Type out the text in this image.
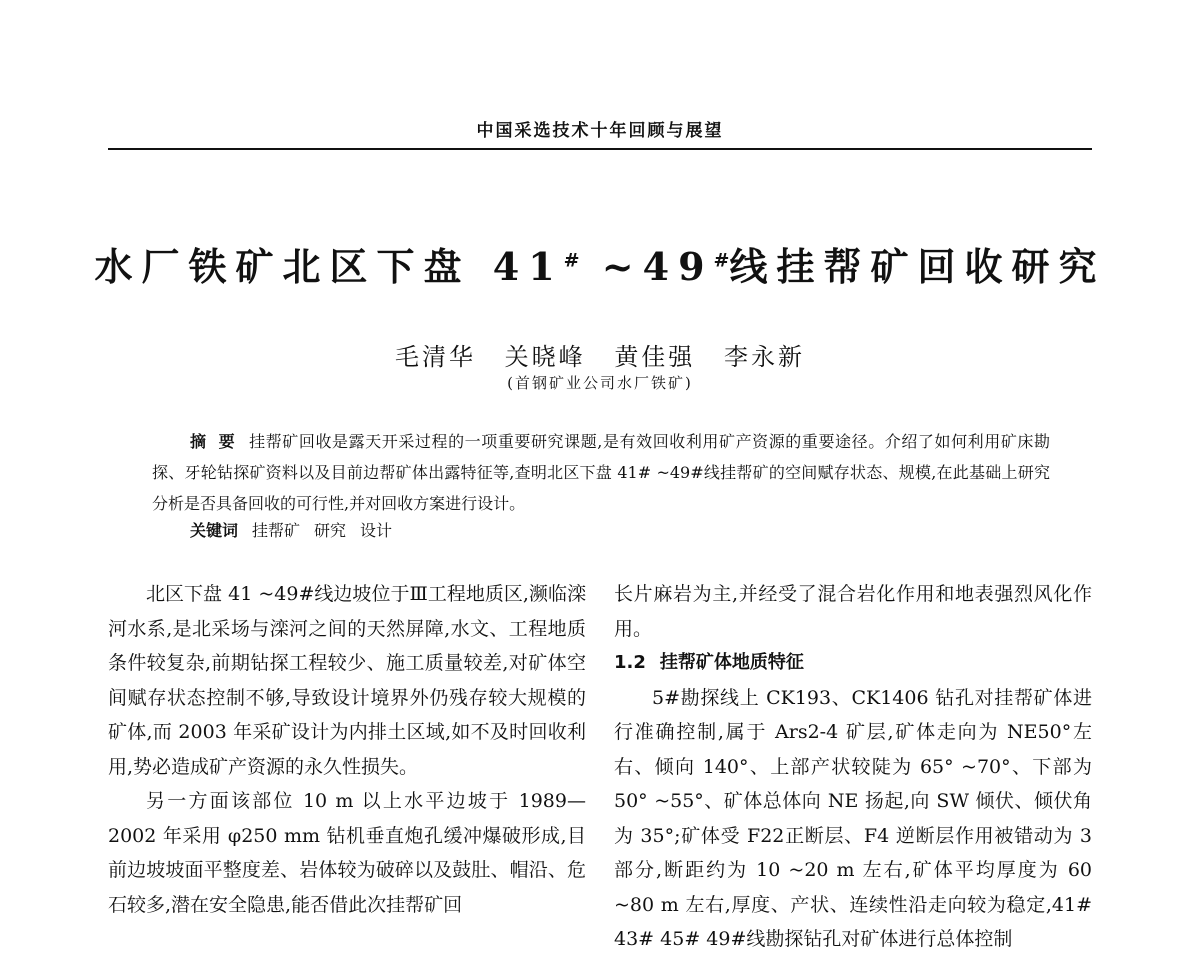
中国采选技术十年回顾与展望
水厂铁矿北区下盘 41# ~49#线挂帮矿回收研究
毛清华 关晓峰 黄佳强 李永新
(首钢矿业公司水厂铁矿)
摘要 挂帮矿回收是露天开采过程的一项重要研究课题,是有效回收利用矿产资源的重要途径。介绍了如何利用矿床勘探、牙轮钻探矿资料以及目前边帮矿体出露特征等,查明北区下盘 41# ~49#线挂帮矿的空间赋存状态、规模,在此基础上研究分析是否具备回收的可行性,并对回收方案进行设计。
关键词 挂帮矿 研究 设计

北区下盘 41 ~49#线边坡位于Ⅲ工程地质区,濒临滦河水系,是北采场与滦河之间的天然屏障,水文、工程地质条件较复杂,前期钻探工程较少、施工质量较差,对矿体空间赋存状态控制不够,导致设计境界外仍残存较大规模的矿体,而 2003 年采矿设计为内排土区域,如不及时回收利用,势必造成矿产资源的永久性损失。

另一方面该部位 10 m 以上水平边坡于 1989—2002 年采用 φ250 mm 钻机垂直炮孔缓冲爆破形成,目前边坡坡面平整度差、岩体较为破碎以及鼓肚、帽沿、危石较多,潜在安全隐患,能否借此次挂帮矿回

长片麻岩为主,并经受了混合岩化作用和地表强烈风化作用。

1.2 挂帮矿体地质特征

5#勘探线上 CK193、CK1406 钻孔对挂帮矿体进行准确控制,属于 Ars2-4 矿层,矿体走向为 NE50°左右、倾向 140°、上部产状较陡为 65° ~70°、下部为 50° ~55°、矿体总体向 NE 扬起,向 SW 倾伏、倾伏角为 35°;矿体受 F22正断层、F4 逆断层作用被错动为 3 部分,断距约为 10 ~20 m 左右,矿体平均厚度为 60 ~80 m 左右,厚度、产状、连续性沿走向较为稳定,41# 43# 45# 49#线勘探钻孔对矿体进行总体控制
